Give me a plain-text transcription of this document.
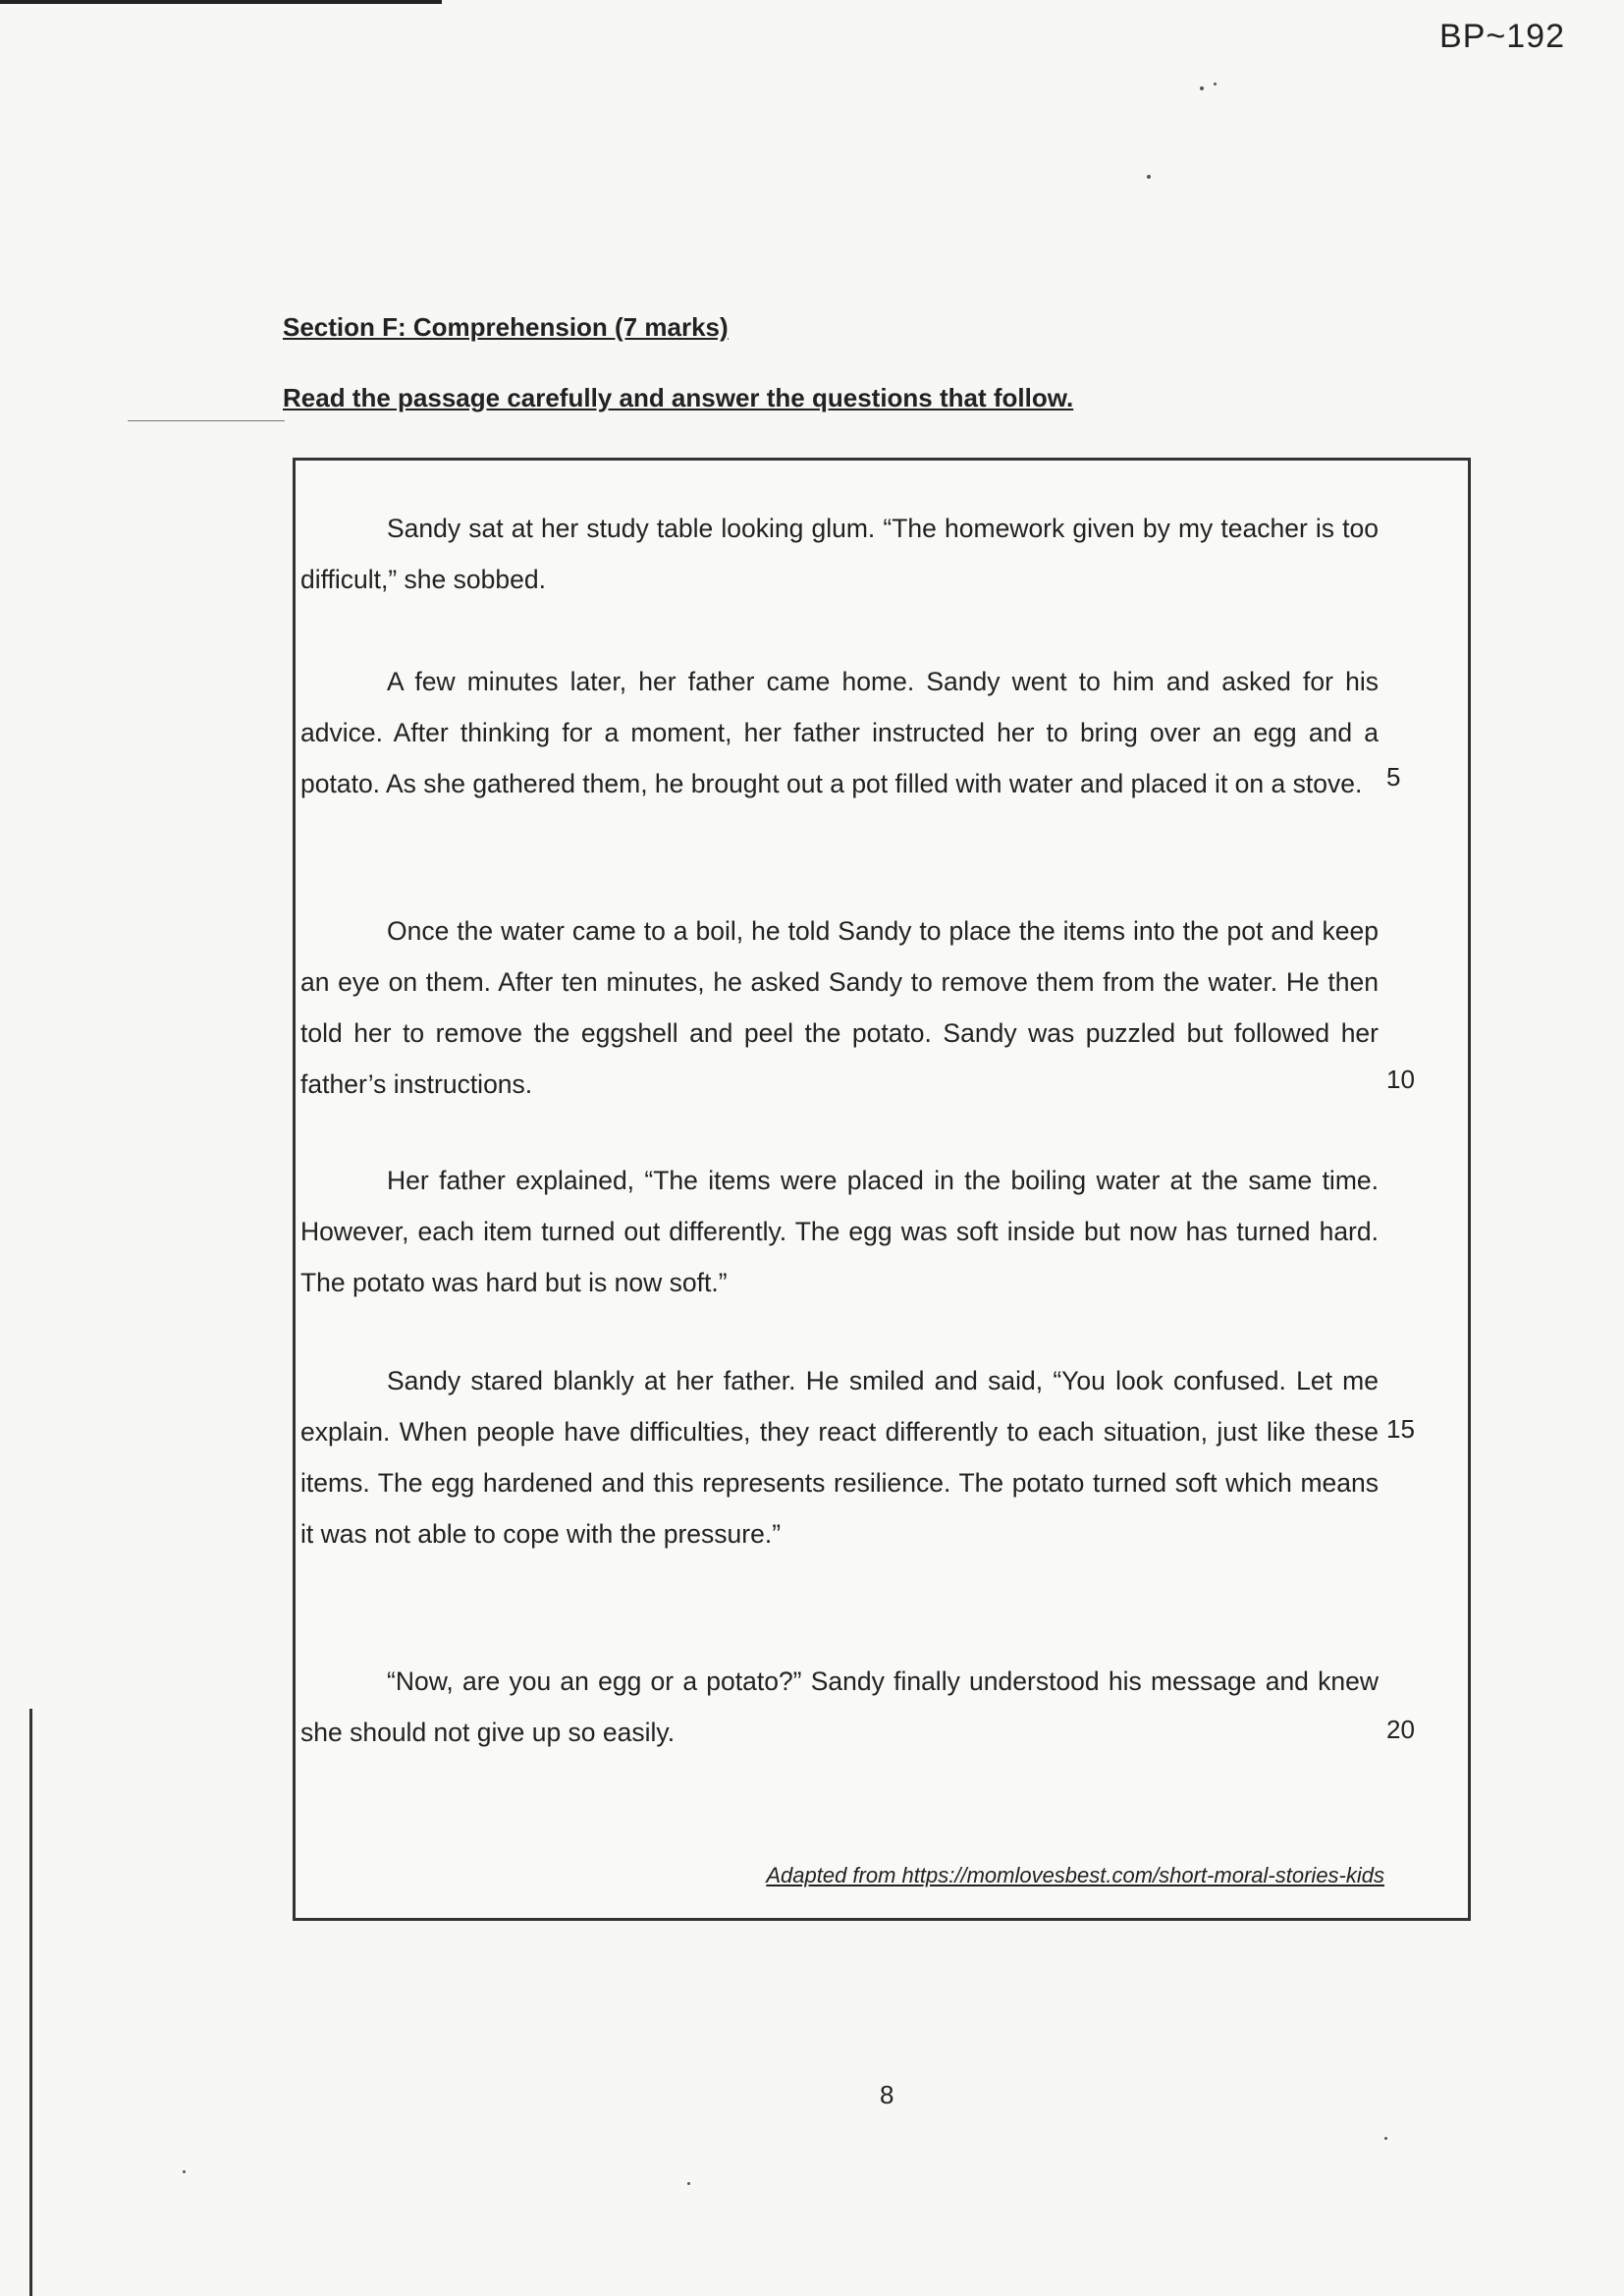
BP~192
Section F: Comprehension (7 marks)
Read the passage carefully and answer the questions that follow.
Sandy sat at her study table looking glum. “The homework given by my teacher is too difficult,” she sobbed.
A few minutes later, her father came home. Sandy went to him and asked for his advice. After thinking for a moment, her father instructed her to bring over an egg and a potato. As she gathered them, he brought out a pot filled with water and placed it on a stove.
Once the water came to a boil, he told Sandy to place the items into the pot and keep an eye on them. After ten minutes, he asked Sandy to remove them from the water. He then told her to remove the eggshell and peel the potato. Sandy was puzzled but followed her father’s instructions.
Her father explained, “The items were placed in the boiling water at the same time. However, each item turned out differently. The egg was soft inside but now has turned hard. The potato was hard but is now soft.”
Sandy stared blankly at her father. He smiled and said, “You look confused. Let me explain. When people have difficulties, they react differently to each situation, just like these items. The egg hardened and this represents resilience. The potato turned soft which means it was not able to cope with the pressure.”
“Now, are you an egg or a potato?” Sandy finally understood his message and knew she should not give up so easily.
5
10
15
20
Adapted from https://momlovesbest.com/short-moral-stories-kids
8
